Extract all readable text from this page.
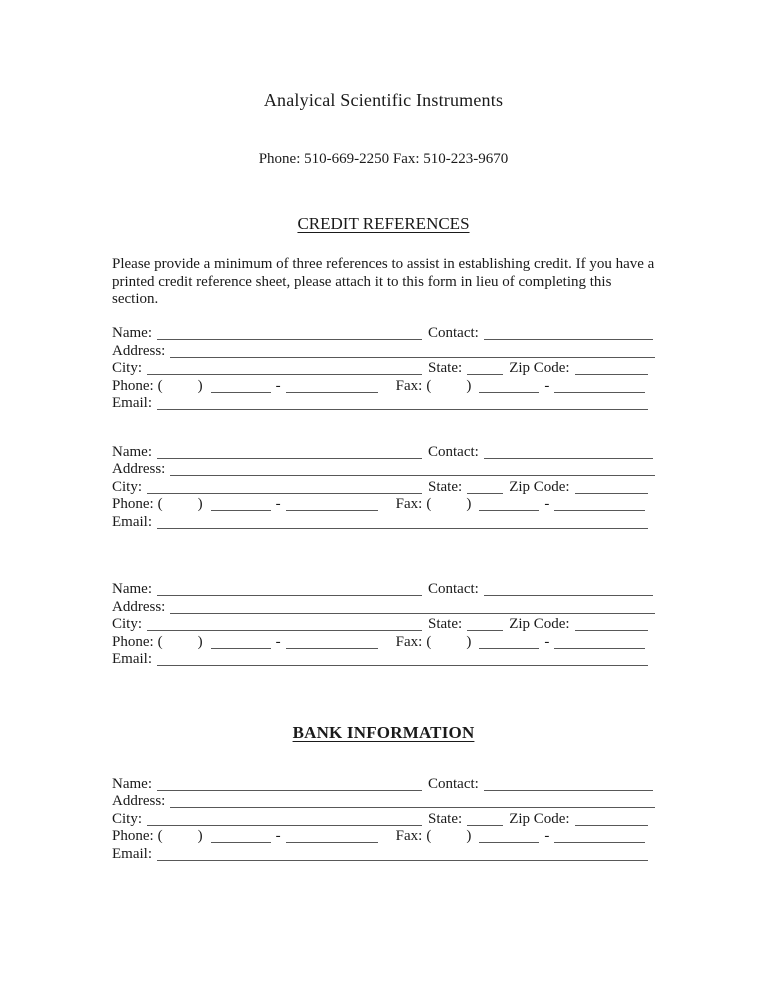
Analyical Scientific Instruments
Phone: 510-669-2250 Fax: 510-223-9670
CREDIT REFERENCES

Please provide a minimum of three references to assist in establishing credit. If you have a printed credit reference sheet, please attach it to this form in lieu of completing this section.

Name:	Contact:
Address:
City:	State:	Zip Code:
Phone: ( )	-	Fax: ( )	-
Email:
Name:	Contact:
Address:
City:	State:	Zip Code:
Phone: ( )	-	Fax: ( )	-
Email:
Name:	Contact:
Address:
City:	State:	Zip Code:
Phone: ( )	-	Fax: ( )	-
Email:
BANK INFORMATION
Name:	Contact:
Address:
City:	State:	Zip Code:
Phone: ( )	-	Fax: ( )	-
Email:
